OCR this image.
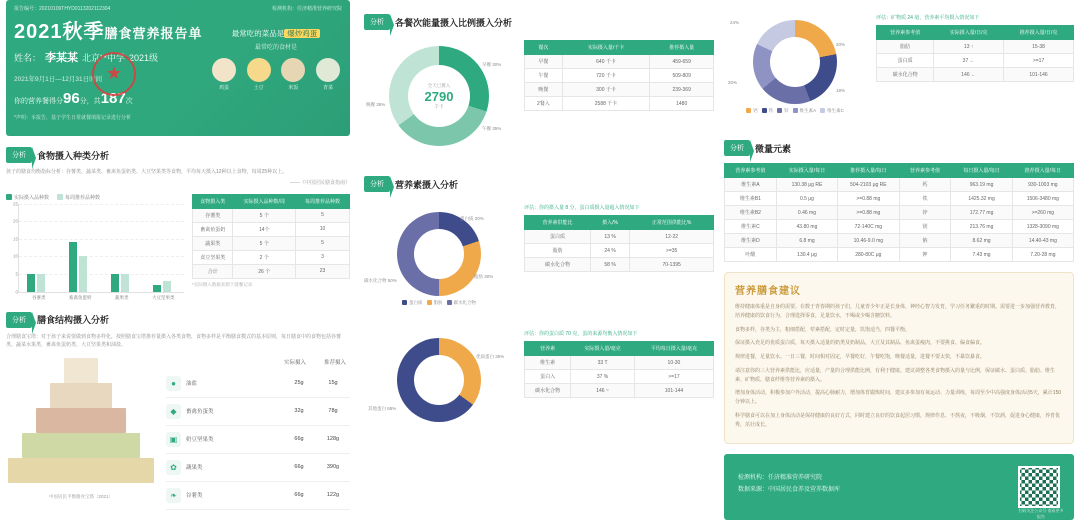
报告编号：20210109THYD0113202112304	检测机构：任济精准营养研究院
2021秋季膳食营养报告单
姓名： 李某某 北京**中学 2021级
2021年9月1日—12月31日时间
你的营养餐得分96分，共187次
*声明：本报告，基于学生日常就餐填报记录进行分析
★
最常吃的菜品是 爆炒鸡蛋
最常吃的食材是
鸡蛋	土豆	米饭	青菜
分析	食物摄入种类分析
孩子的膳食均衡指标分析：谷薯类、蔬菜类、畜禽鱼蛋奶类、大豆坚果类等食物，平均每天摄入12种以上食物，每周25种以上。
——《中国居民膳食指南》
实际摄入品种数	每周推荐品种数
25
20
15
10
5
0
谷薯类	畜禽鱼蛋奶	蔬果类	大豆坚果类
食物摄入类	实际摄入品种数/周	每周推荐品种数
谷薯类	5 个	5
畜禽鱼蛋奶	14个	10
蔬果类	5 个	5
食豆坚果类	2 个	3
合计	26 个	23
*实际摄入数据来源于就餐记录
分析	膳食结构摄入分析
合理膳食宝塔：对于孩子来说要做到食物多样化，按照膳食宝塔推荐量摄入各类食物，食物多样是平衡膳食模式的基本原则，每日膳食中的食物包括谷薯类、蔬菜水果类、畜禽鱼蛋奶类、大豆坚果类和油盐。
中国居民平衡膳食宝塔（2021）
实际摄入	推荐摄入
●	油盐	25g	15g
◆	畜禽鱼蛋类	32g	78g
▣	奶豆坚果类	66g	128g
✿	蔬果类	66g	390g
❧	谷薯类	66g	122g
分析	各餐次能量摄入比例摄入分析
全天已摄入
2790
千卡
早餐 30%
午餐 35%
晚餐 35%
餐次	实际摄入量/千卡	推荐摄入量
早餐	640 千卡	459-659
午餐	720 千卡	509-809
晚餐	300 千卡	239-369
2餐入	2588 千卡	1480
分析	营养素摄入分析
蛋白质 20%
脂肪 30%
碳水化合物 50%
蛋白质	脂肪	碳水化合物
评估：你的摄入量 8 分，蛋白质摄入量超入情况如下
营养素供能比	摄入/%	正常范围供能比%
蛋白质	13 %	12-22
脂肪	24 %	>=35
碳水化合物	58 %	70-1395
优质蛋白 35%
其他蛋白 65%
评估：你的蛋白质 70 克，蛋的来源均衡入情况如下
营养素	实际摄入量/毫克	平均每日摄入量/毫克
维生素	33 T	10-30
蛋白入	37 %	>=17
碳水化合物	146 ~	101-144
24%
20%
18%
20%
钙	铁	锌	维生素A	维生素C
评估：矿物质 24 毫，营养素平均摄入情况如下
营养素参考值	实际摄入量/日/克	推荐摄入量/日/克
脂肪	13 ↑	15-38
蛋白质	37 ←	>=17
碳水化合物	146 ←	101-146
分析	微量元素
营养素参考值	实际摄入量/每日	推荐摄入量/每日	营养素参考值	每日摄入量/每日	推荐摄入量/每日
维生素A	130.38 μg RE	504-2103 μg RE	钙	963.19 mg	930-1003 mg
维生素B1	0.5 μg	>=0.88 mg	铁	1425.32 mg	1506-3480 mg
维生素B2	0.46 mg	>=0.88 mg	锌	172.77 mg	>=260 mg
维生素C	43.80 mg	72-140C mg	镁	213.76 mg	1328-3090 mg
维生素D	6.8 mg	10.46-9.0 mg	钠	8.62 mg	14.40-43 mg
叶酸	130.4 μg	280-80C μg	钾	7.43 mg	7.20-28 mg
营养膳食建议

维持健康体重是自身的需要。在数于青春期的孩子们，儿童青少年正是长身体，神经心智力发育，学习任务繁重的时期。需要进一步加强营养教育，培养健康的饮食行为，合理选择零食，足量饮水，不喝或少喝含糖饮料。

食物多样，谷类为主，粗细搭配，荤素搭配，定时定量，饥饱适当，四餐平衡。

保证摄入充足的优质蛋白质，每天摄入适量的奶类及奶制品，大豆及其制品、鱼禽蛋瘦肉，不要挑食、偏食偏食。

规律进餐，足量饮水。一日三餐，时间相对固定，早餐吃好，午餐吃饱，晚餐适量，进餐不要太快，不暴饮暴食。

请注意你的三大营养素供能比，应适量，产量的合理供能比例，有利于健康。建议调整各类食物摄入的量与比例，保证碳水、蛋白质、脂肪、维生素、矿物质、膳食纤维等营养素的摄入。

增加身体活动，积极参加户外活动，提高心肺耐力，增加体育锻炼时间，建议多参加有氧运动、力量训练，每周至少中高强度身体活动5天，累计150分钟以上。

科学膳食可以在加上身体活动是保持健康的良好方式，同时建立良好的饮食起居习惯，规律作息，不熬夜，不吸烟，不饮酒，促进身心健康，养育优秀，茁壮成长。

检测机构：任济精准营养研究院
数据来源：中国居民食养及营养数据库
扫码关注公众号 查看更多报告
